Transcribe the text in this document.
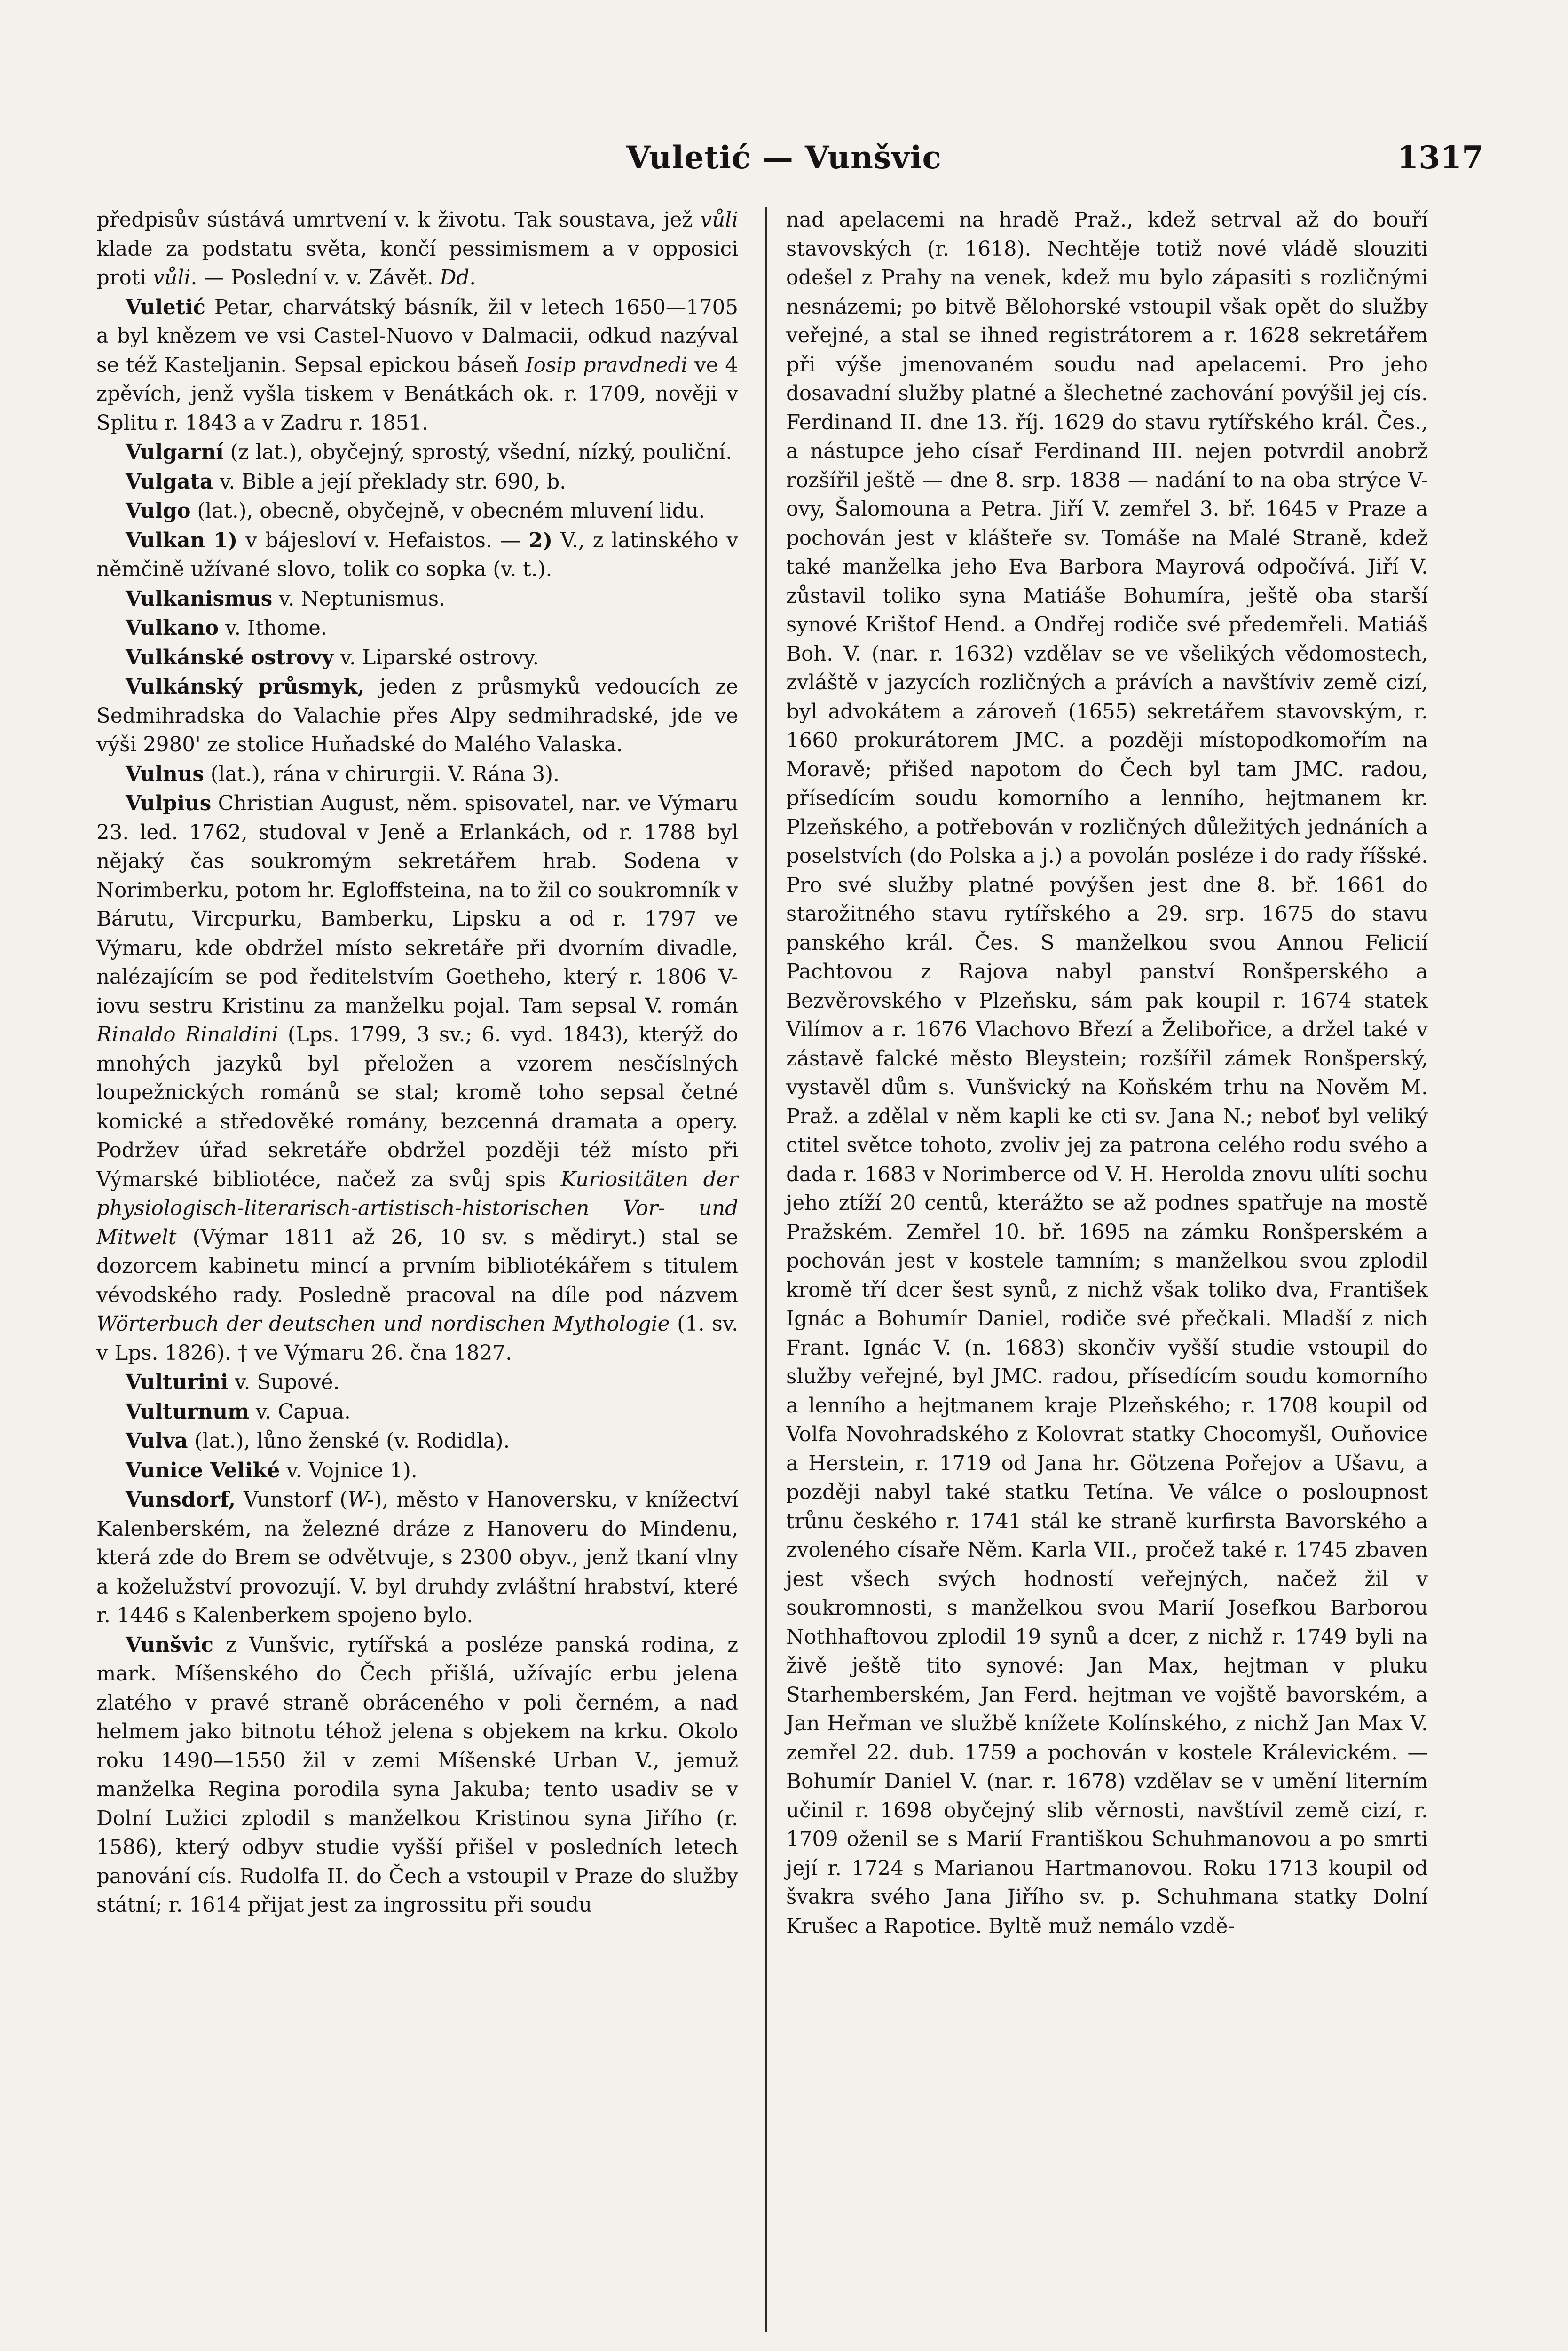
Vuletić — Vunšvic	1317

předpisův sústává umrtvení v. k životu. Tak soustava, jež vůli klade za podstatu světa, končí pessimismem a v opposici proti vůli. — Poslední v. v. Závět. Dd.

Vuletić Petar, charvátský básník, žil v letech 1650—1705 a byl knězem ve vsi Castel-Nuovo v Dalmacii, odkud nazýval se též Kasteljanin. Sepsal epickou báseň Iosip pravdnedi ve 4 zpěvích, jenž vyšla tiskem v Benátkách ok. r. 1709, nověji v Splitu r. 1843 a v Zadru r. 1851.

Vulgarní (z lat.), obyčejný, sprostý, všední, nízký, pouliční.

Vulgata v. Bible a její překlady str. 690, b.

Vulgo (lat.), obecně, obyčejně, v obecném mluvení lidu.

Vulkan 1) v bájesloví v. Hefaistos. — 2) V., z latinského v němčině užívané slovo, tolik co sopka (v. t.).

Vulkanismus v. Neptunismus.

Vulkano v. Ithome.

Vulkánské ostrovy v. Liparské ostrovy.

Vulkánský průsmyk, jeden z průsmyků vedoucích ze Sedmihradska do Valachie přes Alpy sedmihradské, jde ve výši 2980' ze stolice Huňadské do Malého Valaska.

Vulnus (lat.), rána v chirurgii. V. Rána 3).

Vulpius Christian August, něm. spisovatel, nar. ve Výmaru 23. led. 1762, studoval v Jeně a Erlankách, od r. 1788 byl nějaký čas soukromým sekretářem hrab. Sodena v Norimberku, potom hr. Egloffsteina, na to žil co soukromník v Bárutu, Vircpurku, Bamberku, Lipsku a od r. 1797 ve Výmaru, kde obdržel místo sekretáře při dvorním divadle, nalézajícím se pod ředitelstvím Goetheho, který r. 1806 V-iovu sestru Kristinu za manželku pojal. Tam sepsal V. román Rinaldo Rinaldini (Lps. 1799, 3 sv.; 6. vyd. 1843), kterýž do mnohých jazyků byl přeložen a vzorem nesčíslných loupežnických románů se stal; kromě toho sepsal četné komické a středověké romány, bezcenná dramata a opery. Podržev úřad sekretáře obdržel později též místo při Výmarské bibliotéce, načež za svůj spis Kuriositäten der physiologisch-literarisch-artistisch-historischen Vor- und Mitwelt (Výmar 1811 až 26, 10 sv. s mědiryt.) stal se dozorcem kabinetu mincí a prvním bibliotékářem s titulem vévodského rady. Posledně pracoval na díle pod názvem Wörterbuch der deutschen und nordischen Mythologie (1. sv. v Lps. 1826). † ve Výmaru 26. čna 1827.

Vulturini v. Supové.

Vulturnum v. Capua.

Vulva (lat.), lůno ženské (v. Rodidla).

Vunice Veliké v. Vojnice 1).

Vunsdorf, Vunstorf (W-), město v Hanoversku, v knížectví Kalenberském, na železné dráze z Hanoveru do Mindenu, která zde do Brem se odvětvuje, s 2300 obyv., jenž tkaní vlny a koželužství provozují. V. byl druhdy zvláštní hrabství, které r. 1446 s Kalenberkem spojeno bylo.

Vunšvic z Vunšvic, rytířská a posléze panská rodina, z mark. Míšenského do Čech přišlá, užívajíc erbu jelena zlatého v pravé straně obráceného v poli černém, a nad helmem jako bitnotu téhož jelena s objekem na krku. Okolo roku 1490—1550 žil v zemi Míšenské Urban V., jemuž manželka Regina porodila syna Jakuba; tento usadiv se v Dolní Lužici zplodil s manželkou Kristinou syna Jiřího (r. 1586), který odbyv studie vyšší přišel v posledních letech panování cís. Rudolfa II. do Čech a vstoupil v Praze do služby státní; r. 1614 přijat jest za ingrossitu při soudu

nad apelacemi na hradě Praž., kdež setrval až do bouří stavovských (r. 1618). Nechtěje totiž nové vládě slouziti odešel z Prahy na venek, kdež mu bylo zápasiti s rozličnými nesnázemi; po bitvě Bělohorské vstoupil však opět do služby veřejné, a stal se ihned registrátorem a r. 1628 sekretářem při výše jmenovaném soudu nad apelacemi. Pro jeho dosavadní služby platné a šlechetné zachování povýšil jej cís. Ferdinand II. dne 13. říj. 1629 do stavu rytířského král. Čes., a nástupce jeho císař Ferdinand III. nejen potvrdil anobrž rozšířil ještě — dne 8. srp. 1838 — nadání to na oba strýce V-ovy, Šalomouna a Petra. Jiří V. zemřel 3. bř. 1645 v Praze a pochován jest v klášteře sv. Tomáše na Malé Straně, kdež také manželka jeho Eva Barbora Mayrová odpočívá. Jiří V. zůstavil toliko syna Matiáše Bohumíra, ještě oba starší synové Krištof Hend. a Ondřej rodiče své předemřeli. Matiáš Boh. V. (nar. r. 1632) vzdělav se ve všelikých vědomostech, zvláště v jazycích rozličných a právích a navštíviv země cizí, byl advokátem a zároveň (1655) sekretářem stavovským, r. 1660 prokurátorem JMC. a později místopodkomořím na Moravě; přišed napotom do Čech byl tam JMC. radou, přísedícím soudu komorního a lenního, hejtmanem kr. Plzeňského, a potřebován v rozličných důležitých jednáních a poselstvích (do Polska a j.) a povolán posléze i do rady říšské. Pro své služby platné povýšen jest dne 8. bř. 1661 do starožitného stavu rytířského a 29. srp. 1675 do stavu panského král. Čes. S manželkou svou Annou Felicií Pachtovou z Rajova nabyl panství Ronšperského a Bezvěrovského v Plzeňsku, sám pak koupil r. 1674 statek Vilímov a r. 1676 Vlachovo Březí a Želibořice, a držel také v zástavě falcké město Bleystein; rozšířil zámek Ronšperský, vystavěl dům s. Vunšvický na Koňském trhu na Nověm M. Praž. a zdělal v něm kapli ke cti sv. Jana N.; neboť byl veliký ctitel světce tohoto, zvoliv jej za patrona celého rodu svého a dada r. 1683 v Norimberce od V. H. Herolda znovu ulíti sochu jeho ztíží 20 centů, kterážto se až podnes spatřuje na mostě Pražském. Zemřel 10. bř. 1695 na zámku Ronšperském a pochován jest v kostele tamním; s manželkou svou zplodil kromě tří dcer šest synů, z nichž však toliko dva, František Ignác a Bohumír Daniel, rodiče své přečkali. Mladší z nich Frant. Ignác V. (n. 1683) skončiv vyšší studie vstoupil do služby veřejné, byl JMC. radou, přísedícím soudu komorního a lenního a hejtmanem kraje Plzeňského; r. 1708 koupil od Volfa Novohradského z Kolovrat statky Chocomyšl, Ouňovice a Herstein, r. 1719 od Jana hr. Götzena Pořejov a Ušavu, a později nabyl také statku Tetína. Ve válce o posloupnost trůnu českého r. 1741 stál ke straně kurfirsta Bavorského a zvoleného císaře Něm. Karla VII., pročež také r. 1745 zbaven jest všech svých hodností veřejných, načež žil v soukromnosti, s manželkou svou Marií Josefkou Barborou Nothhaftovou zplodil 19 synů a dcer, z nichž r. 1749 byli na živě ještě tito synové: Jan Max, hejtman v pluku Starhemberském, Jan Ferd. hejtman ve vojště bavorském, a Jan Heřman ve službě knížete Kolínského, z nichž Jan Max V. zemřel 22. dub. 1759 a pochován v kostele Králevickém. — Bohumír Daniel V. (nar. r. 1678) vzdělav se v umění literním učinil r. 1698 obyčejný slib věrnosti, navštívil země cizí, r. 1709 oženil se s Marií Františkou Schuhmanovou a po smrti její r. 1724 s Marianou Hartmanovou. Roku 1713 koupil od švakra svého Jana Jiřího sv. p. Schuhmana statky Dolní Krušec a Rapotice. Byltě muž nemálo vzdě-
